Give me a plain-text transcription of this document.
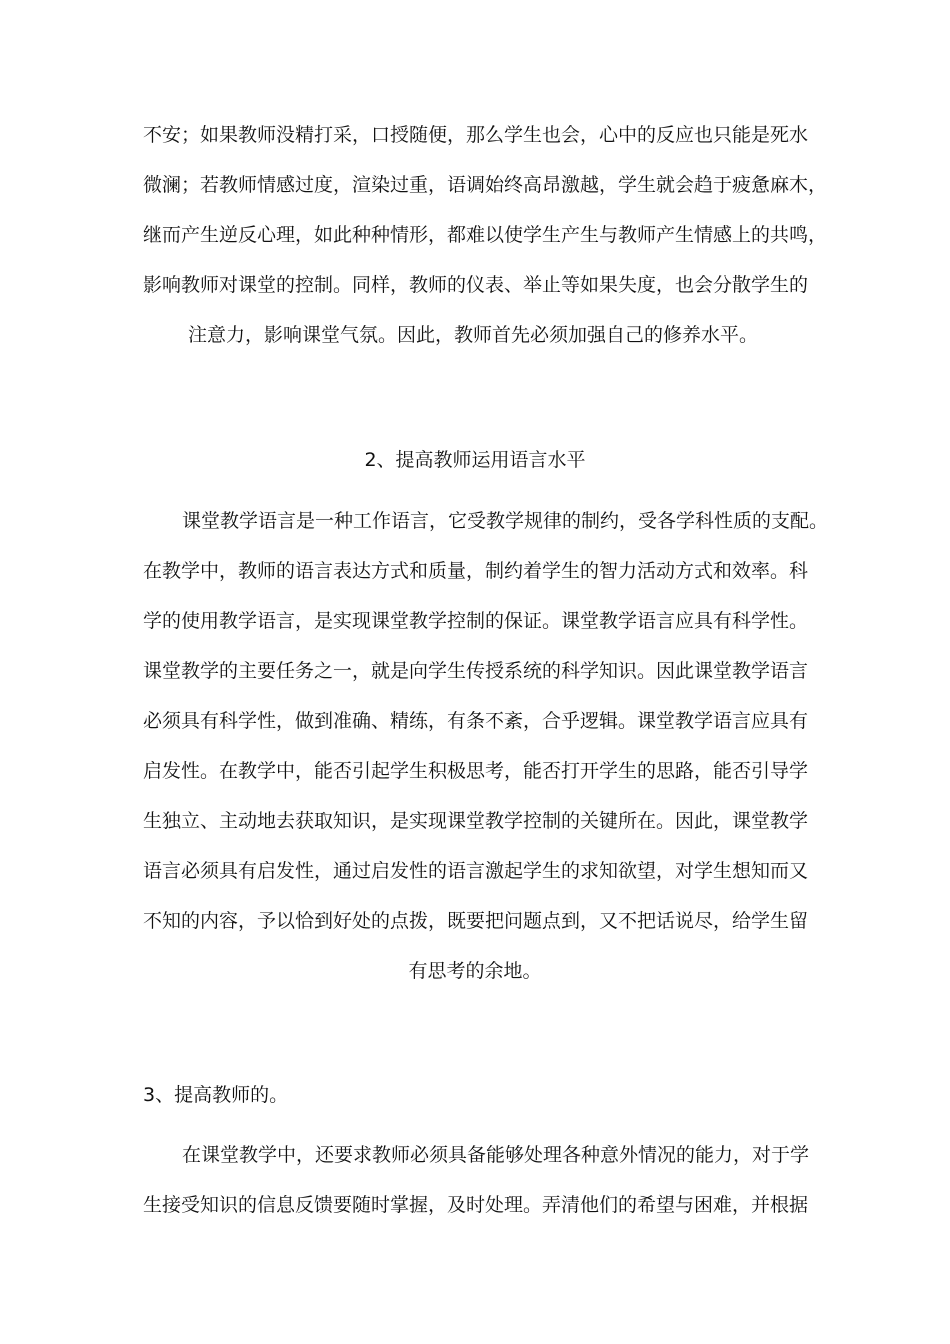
不安；如果教师没精打采，口授随便，那么学生也会，心中的反应也只能是死水
微澜；若教师情感过度，渲染过重，语调始终高昂激越，学生就会趋于疲惫麻木，
继而产生逆反心理，如此种种情形，都难以使学生产生与教师产生情感上的共鸣，
影响教师对课堂的控制。同样，教师的仪表、举止等如果失度，也会分散学生的
注意力，影响课堂气氛。因此，教师首先必须加强自己的修养水平。
2、提高教师运用语言水平
课堂教学语言是一种工作语言，它受教学规律的制约，受各学科性质的支配。
在教学中，教师的语言表达方式和质量，制约着学生的智力活动方式和效率。科
学的使用教学语言，是实现课堂教学控制的保证。课堂教学语言应具有科学性。
课堂教学的主要任务之一，就是向学生传授系统的科学知识。因此课堂教学语言
必须具有科学性，做到准确、精练，有条不紊，合乎逻辑。课堂教学语言应具有
启发性。在教学中，能否引起学生积极思考，能否打开学生的思路，能否引导学
生独立、主动地去获取知识，是实现课堂教学控制的关键所在。因此，课堂教学
语言必须具有启发性，通过启发性的语言激起学生的求知欲望，对学生想知而又
不知的内容，予以恰到好处的点拨，既要把问题点到，又不把话说尽，给学生留
有思考的余地。
3、提高教师的。
在课堂教学中，还要求教师必须具备能够处理各种意外情况的能力，对于学
生接受知识的信息反馈要随时掌握，及时处理。弄清他们的希望与困难，并根据
